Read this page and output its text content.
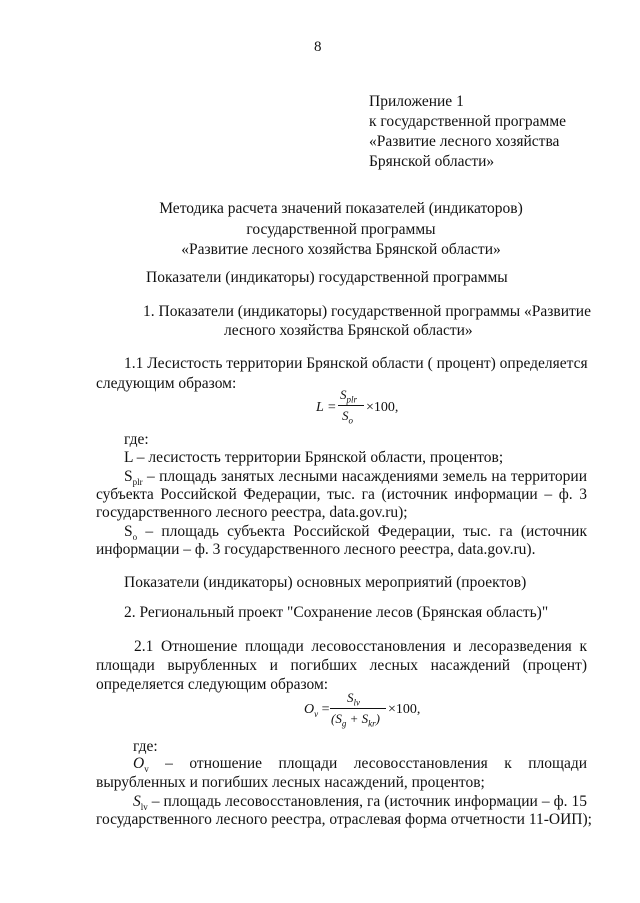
8
Приложение 1
к государственной программе
«Развитие лесного хозяйства
Брянской области»
Методика расчета значений показателей (индикаторов)
государственной программы
«Развитие лесного хозяйства Брянской области»
Показатели (индикаторы) государственной программы
1. Показатели (индикаторы) государственной программы «Развитие
лесного хозяйства Брянской области»
1.1 Лесистость территории Брянской области ( процент) определяется
следующим образом:
L =
$S_{plr}$
$S_o$
×100,
где:
L – лесистость территории Брянской области, процентов;
$S_{plr}$ – площадь занятых лесными насаждениями земель на территории
субъекта Российской Федерации, тыс. га (источник информации – ф. 3
государственного лесного реестра, data.gov.ru);
$S_o$ – площадь субъекта Российской Федерации, тыс. га (источник
информации – ф. 3 государственного лесного реестра, data.gov.ru).
Показатели (индикаторы) основных мероприятий (проектов)
2. Региональный проект "Сохранение лесов (Брянская область)"
2.1 Отношение площади лесовосстановления и лесоразведения к
площади вырубленных и погибших лесных насаждений (процент)
определяется следующим образом:
$O_v$ =
$S_{lv}$
$(S_g + S_{kr})$
×100,
где:
$O_v$ – отношение площади лесовосстановления к площади
вырубленных и погибших лесных насаждений, процентов;
$S_{lv}$ – площадь лесовосстановления, га (источник информации – ф. 15
государственного лесного реестра, отраслевая форма отчетности 11-ОИП);
